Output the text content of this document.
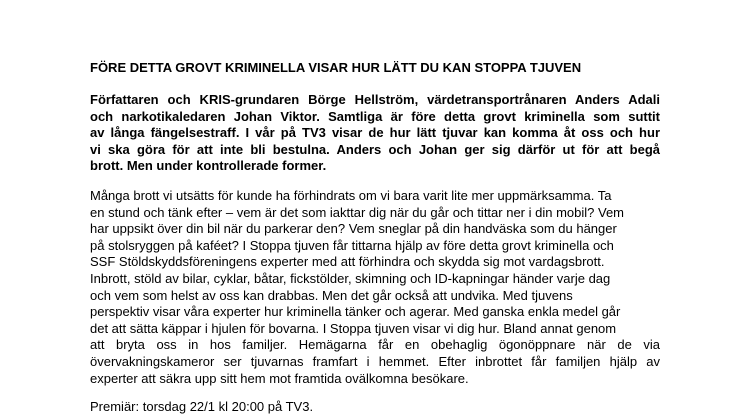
FÖRE DETTA GROVT KRIMINELLA VISAR HUR LÄTT DU KAN STOPPA TJUVEN

Författaren och KRIS-grundaren Börge Hellström, värdetransportrånaren Anders Adali
och narkotikaledaren Johan Viktor. Samtliga är före detta grovt kriminella som suttit
av långa fängelsestraff. I vår på TV3 visar de hur lätt tjuvar kan komma åt oss och hur
vi ska göra för att inte bli bestulna. Anders och Johan ger sig därför ut för att begå
brott. Men under kontrollerade former.
Många brott vi utsätts för kunde ha förhindrats om vi bara varit lite mer uppmärksamma. Ta
en stund och tänk efter – vem är det som iakttar dig när du går och tittar ner i din mobil? Vem
har uppsikt över din bil när du parkerar den? Vem sneglar på din handväska som du hänger
på stolsryggen på kaféet? I Stoppa tjuven får tittarna hjälp av före detta grovt kriminella och
SSF Stöldskyddsföreningens experter med att förhindra och skydda sig mot vardagsbrott.
Inbrott, stöld av bilar, cyklar, båtar, fickstölder, skimning och ID-kapningar händer varje dag
och vem som helst av oss kan drabbas. Men det går också att undvika. Med tjuvens
perspektiv visar våra experter hur kriminella tänker och agerar. Med ganska enkla medel går
det att sätta käppar i hjulen för bovarna. I Stoppa tjuven visar vi dig hur. Bland annat genom
att bryta oss in hos familjer. Hemägarna får en obehaglig ögonöppnare när de via
övervakningskameror ser tjuvarnas framfart i hemmet. Efter inbrottet får familjen hjälp av
experter att säkra upp sitt hem mot framtida ovälkomna besökare.

Premiär: torsdag 22/1 kl 20:00 på TV3.
